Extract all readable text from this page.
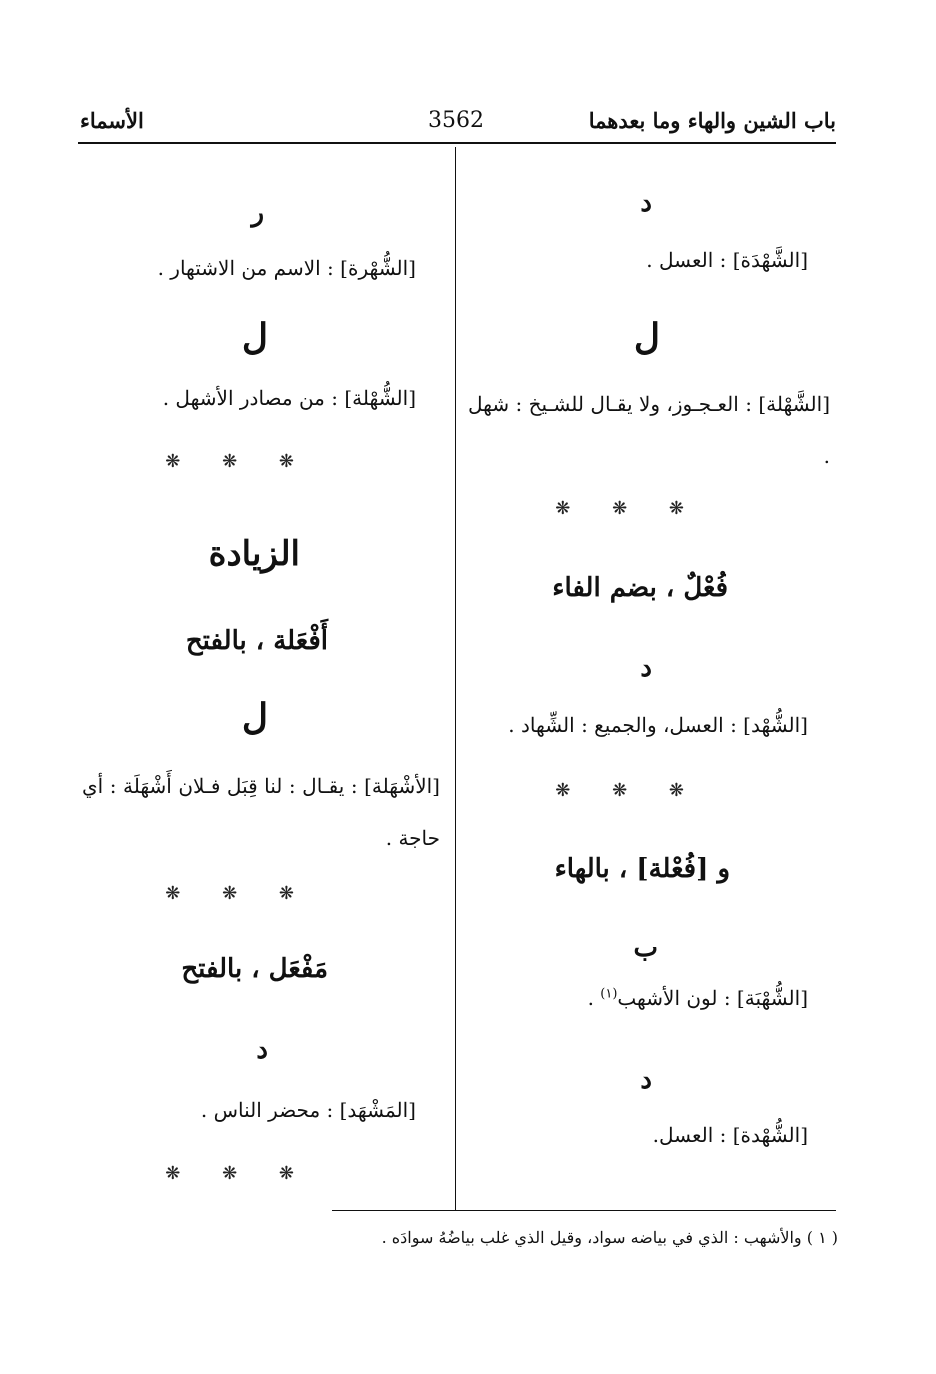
باب الشين والهاء وما بعدهما
3562
الأسماء
د
[الشَّهْدَة] : العسل .
ل
[الشَّهْلة] : العـجـوز، ولا يقـال للشـيخ : شهل .
❋ ❋ ❋
فُعْلٌ ، بضم الفاء
د
[الشُّهْد] : العسل، والجميع : الشِّهاد .
❋ ❋ ❋
و [فُعْلة] ، بالهاء
ب
[الشُّهْبَة] : لون الأشهب$^{(١)}$ .
د
[الشُّهْدة] : العسل.
ر
[الشُّهْرة] : الاسم من الاشتهار .
ل
[الشُّهْلة] : من مصادر الأشهل .
❋ ❋ ❋
الزيادة
أَفْعَلة ، بالفتح
ل
[الأشْهَلة] : يقـال : لنا قِبَل فـلان أَشْهَلَة : أي حاجة .
❋ ❋ ❋
مَفْعَل ، بالفتح
د
[المَشْهَد] : محضر الناس .
❋ ❋ ❋
( ١ ) والأشهب : الذي في بياضه سواد، وقيل الذي غلب بياضُهُ سوادَه .
